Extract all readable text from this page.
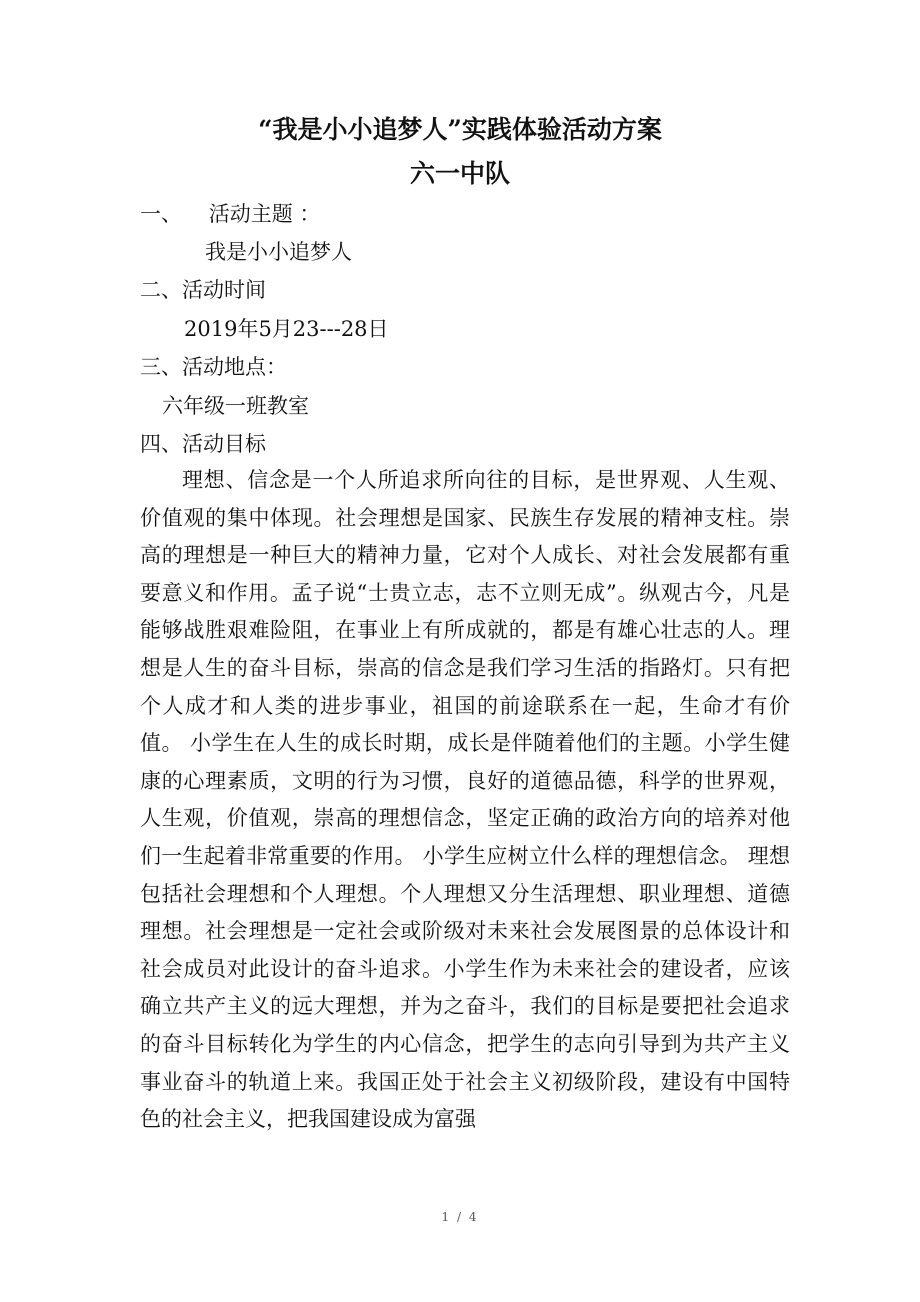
“我是小小追梦人”实践体验活动方案
六一中队
一、    活动主题 ：
我是小小追梦人
二、活动时间
2019年5月23---28日
三、活动地点：
六年级一班教室
四、活动目标
理想、信念是一个人所追求所向往的目标，是世界观、人生观、价值观的集中体现。社会理想是国家、民族生存发展的精神支柱。崇高的理想是一种巨大的精神力量，它对个人成长、对社会发展都有重要意义和作用。孟子说“士贵立志，志不立则无成”。纵观古今，凡是能够战胜艰难险阻，在事业上有所成就的，都是有雄心壮志的人。理想是人生的奋斗目标，崇高的信念是我们学习生活的指路灯。只有把个人成才和人类的进步事业，祖国的前途联系在一起，生命才有价值。 小学生在人生的成长时期，成长是伴随着他们的主题。小学生健康的心理素质，文明的行为习惯，良好的道德品德，科学的世界观，人生观，价值观，崇高的理想信念，坚定正确的政治方向的培养对他们一生起着非常重要的作用。 小学生应树立什么样的理想信念。 理想包括社会理想和个人理想。个人理想又分生活理想、职业理想、道德理想。社会理想是一定社会或阶级对未来社会发展图景的总体设计和社会成员对此设计的奋斗追求。小学生作为未来社会的建设者，应该确立共产主义的远大理想，并为之奋斗，我们的目标是要把社会追求的奋斗目标转化为学生的内心信念，把学生的志向引导到为共产主义事业奋斗的轨道上来。我国正处于社会主义初级阶段，建设有中国特色的社会主义，把我国建设成为富强
1 / 4
